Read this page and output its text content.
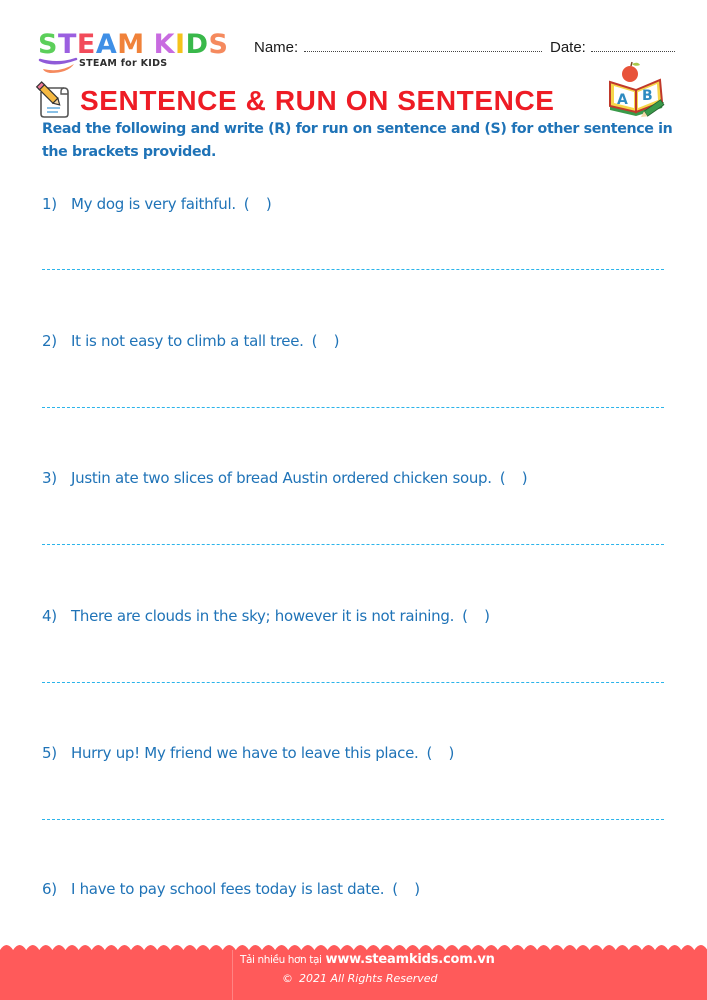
STEAM KIDS
STEAM for KIDS
Name:	Date:
SENTENCE & RUN ON SENTENCE	A B
Read the following and write (R) for run on sentence and (S) for other sentence in the brackets provided.
1) My dog is very faithful. ( )
2) It is not easy to climb a tall tree. ( )
3) Justin ate two slices of bread Austin ordered chicken soup. ( )
4) There are clouds in the sky; however it is not raining. ( )
5) Hurry up! My friend we have to leave this place. ( )
6) I have to pay school fees today is last date. ( )
Tải nhiều hơn tại www.steamkids.com.vn
© 2021 All Rights Reserved
